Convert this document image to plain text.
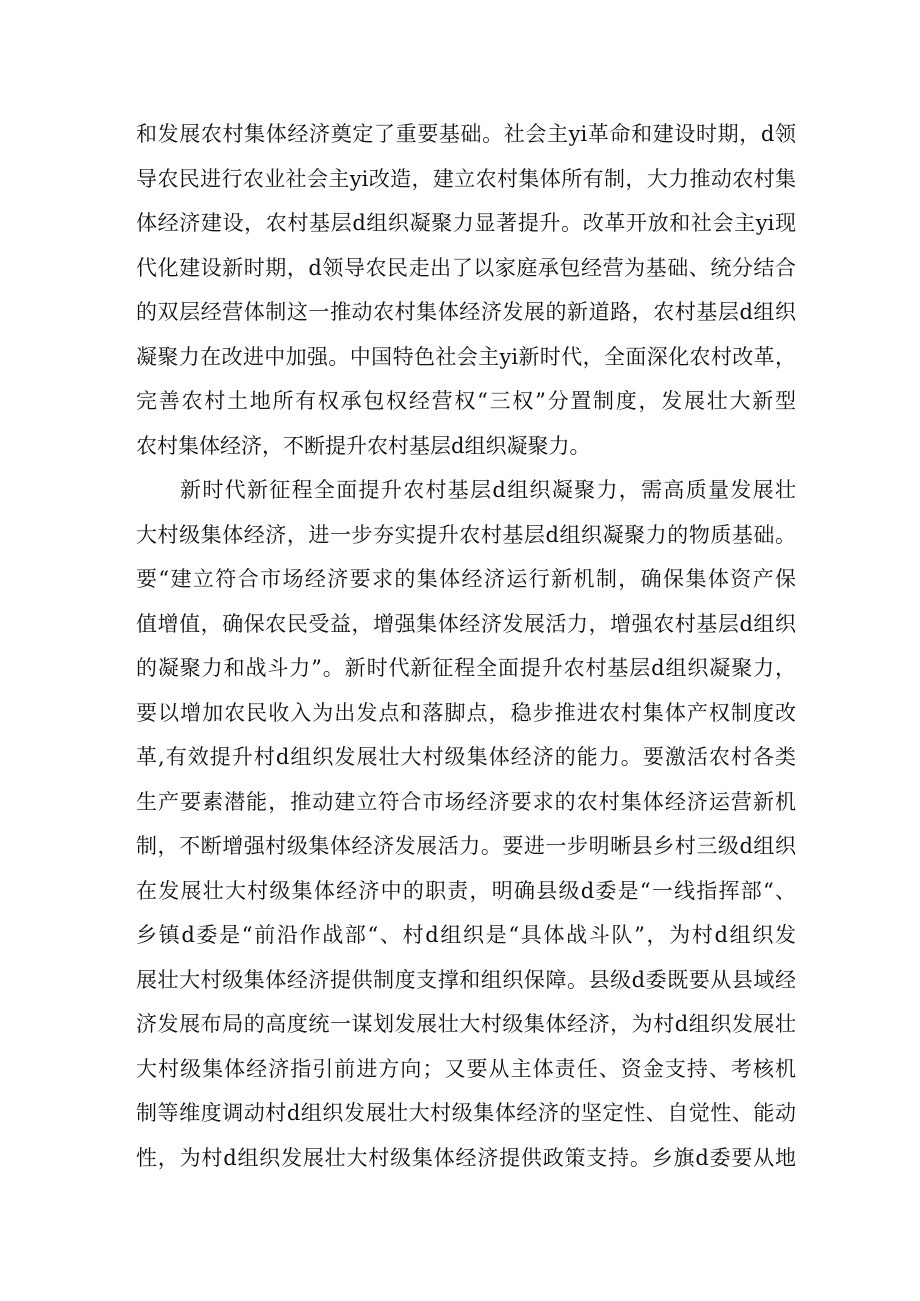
和发展农村集体经济奠定了重要基础。社会主yi革命和建设时期，d领
导农民进行农业社会主yi改造，建立农村集体所有制，大力推动农村集
体经济建设，农村基层d组织凝聚力显著提升。改革开放和社会主yi现
代化建设新时期，d领导农民走出了以家庭承包经营为基础、统分结合
的双层经营体制这一推动农村集体经济发展的新道路，农村基层d组织
凝聚力在改进中加强。中国特色社会主yi新时代，全面深化农村改革，
完善农村土地所有权承包权经营权“三权”分置制度，发展壮大新型
农村集体经济，不断提升农村基层d组织凝聚力。
新时代新征程全面提升农村基层d组织凝聚力，需高质量发展壮
大村级集体经济，进一步夯实提升农村基层d组织凝聚力的物质基础。
要“建立符合市场经济要求的集体经济运行新机制，确保集体资产保
值增值，确保农民受益，增强集体经济发展活力，增强农村基层d组织
的凝聚力和战斗力”。新时代新征程全面提升农村基层d组织凝聚力，
要以增加农民收入为出发点和落脚点，稳步推进农村集体产权制度改
革,有效提升村d组织发展壮大村级集体经济的能力。要激活农村各类
生产要素潜能，推动建立符合市场经济要求的农村集体经济运营新机
制，不断增强村级集体经济发展活力。要进一步明晰县乡村三级d组织
在发展壮大村级集体经济中的职责，明确县级d委是“一线指挥部“、
乡镇d委是“前沿作战部“、村d组织是“具体战斗队”，为村d组织发
展壮大村级集体经济提供制度支撑和组织保障。县级d委既要从县域经
济发展布局的高度统一谋划发展壮大村级集体经济，为村d组织发展壮
大村级集体经济指引前进方向；又要从主体责任、资金支持、考核机
制等维度调动村d组织发展壮大村级集体经济的坚定性、自觉性、能动
性，为村d组织发展壮大村级集体经济提供政策支持。乡旗d委要从地
